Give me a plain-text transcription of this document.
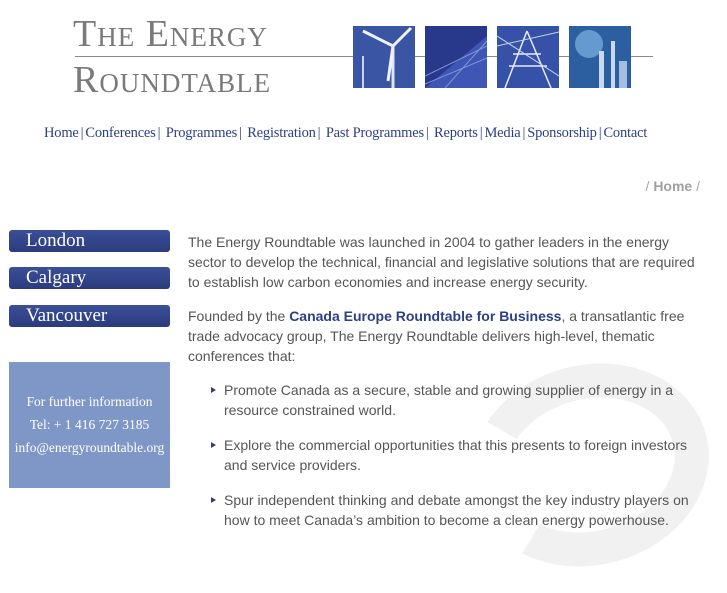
The Energy
Roundtable
Home | Conferences | Programmes | Registration | Past Programmes | Reports | Media | Sponsorship | Contact
/ Home /
London
Calgary
Vancouver
For further information
Tel: + 1 416 727 3185
info@energyroundtable.org

The Energy Roundtable was launched in 2004 to gather leaders in the energy sector to develop the technical, financial and legislative solutions that are required to establish low carbon economies and increase energy security.

Founded by the Canada Europe Roundtable for Business, a transatlantic free trade advocacy group, The Energy Roundtable delivers high-level, thematic conferences that:

Promote Canada as a secure, stable and growing supplier of energy in a resource constrained world.
Explore the commercial opportunities that this presents to foreign investors and service providers.
Spur independent thinking and debate amongst the key industry players on how to meet Canada’s ambition to become a clean energy powerhouse.
